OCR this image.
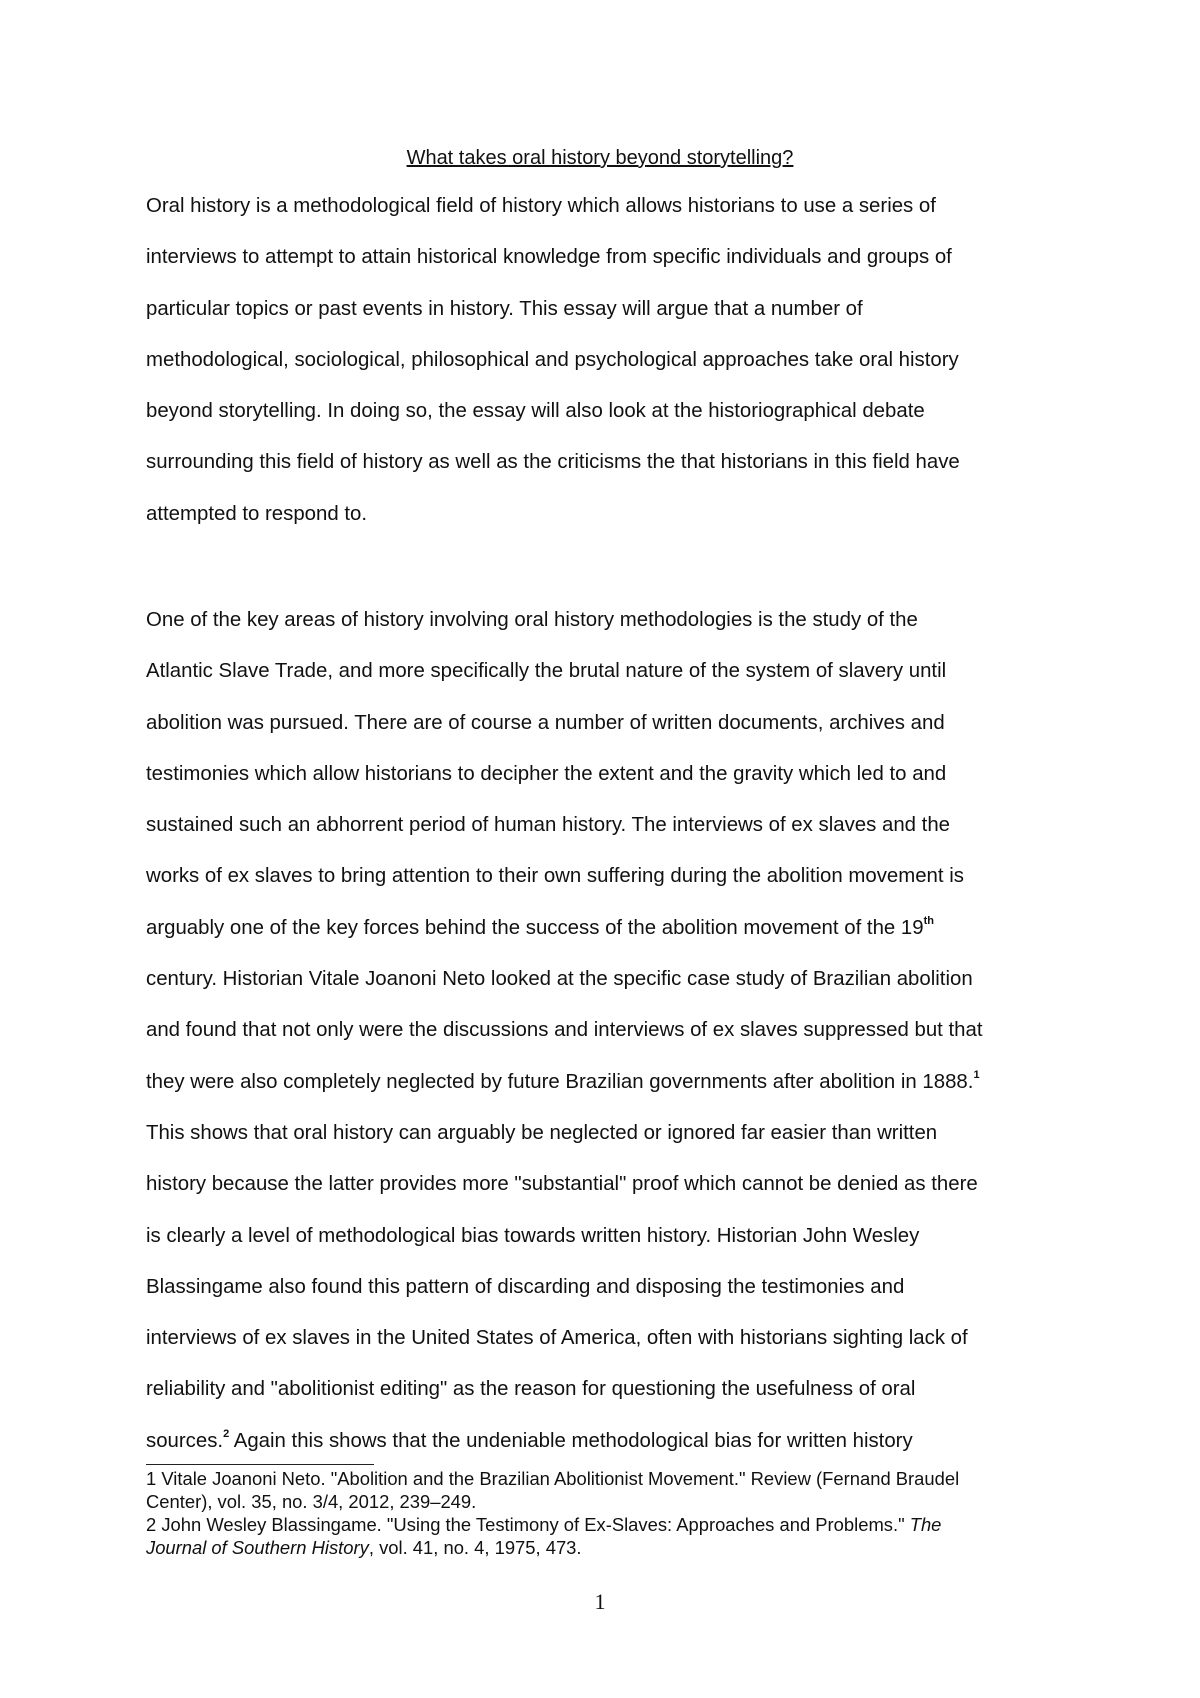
What takes oral history beyond storytelling?
Oral history is a methodological field of history which allows historians to use a series of
interviews to attempt to attain historical knowledge from specific individuals and groups of
particular topics or past events in history. This essay will argue that a number of
methodological, sociological, philosophical and psychological approaches take oral history
beyond storytelling. In doing so, the essay will also look at the historiographical debate
surrounding this field of history as well as the criticisms the that historians in this field have
attempted to respond to.
One of the key areas of history involving oral history methodologies is the study of the
Atlantic Slave Trade, and more specifically the brutal nature of the system of slavery until
abolition was pursued. There are of course a number of written documents, archives and
testimonies which allow historians to decipher the extent and the gravity which led to and
sustained such an abhorrent period of human history. The interviews of ex slaves and the
works of ex slaves to bring attention to their own suffering during the abolition movement is
arguably one of the key forces behind the success of the abolition movement of the 19th
century. Historian Vitale Joanoni Neto looked at the specific case study of Brazilian abolition
and found that not only were the discussions and interviews of ex slaves suppressed but that
they were also completely neglected by future Brazilian governments after abolition in 1888.$^1$
This shows that oral history can arguably be neglected or ignored far easier than written
history because the latter provides more "substantial" proof which cannot be denied as there
is clearly a level of methodological bias towards written history. Historian John Wesley
Blassingame also found this pattern of discarding and disposing the testimonies and
interviews of ex slaves in the United States of America, often with historians sighting lack of
reliability and "abolitionist editing" as the reason for questioning the usefulness of oral
sources.$^2$ Again this shows that the undeniable methodological bias for written history
1 Vitale Joanoni Neto. "Abolition and the Brazilian Abolitionist Movement." Review (Fernand Braudel
Center), vol. 35, no. 3/4, 2012, 239–249.
2 John Wesley Blassingame. "Using the Testimony of Ex-Slaves: Approaches and Problems." The
Journal of Southern History, vol. 41, no. 4, 1975, 473.
1
